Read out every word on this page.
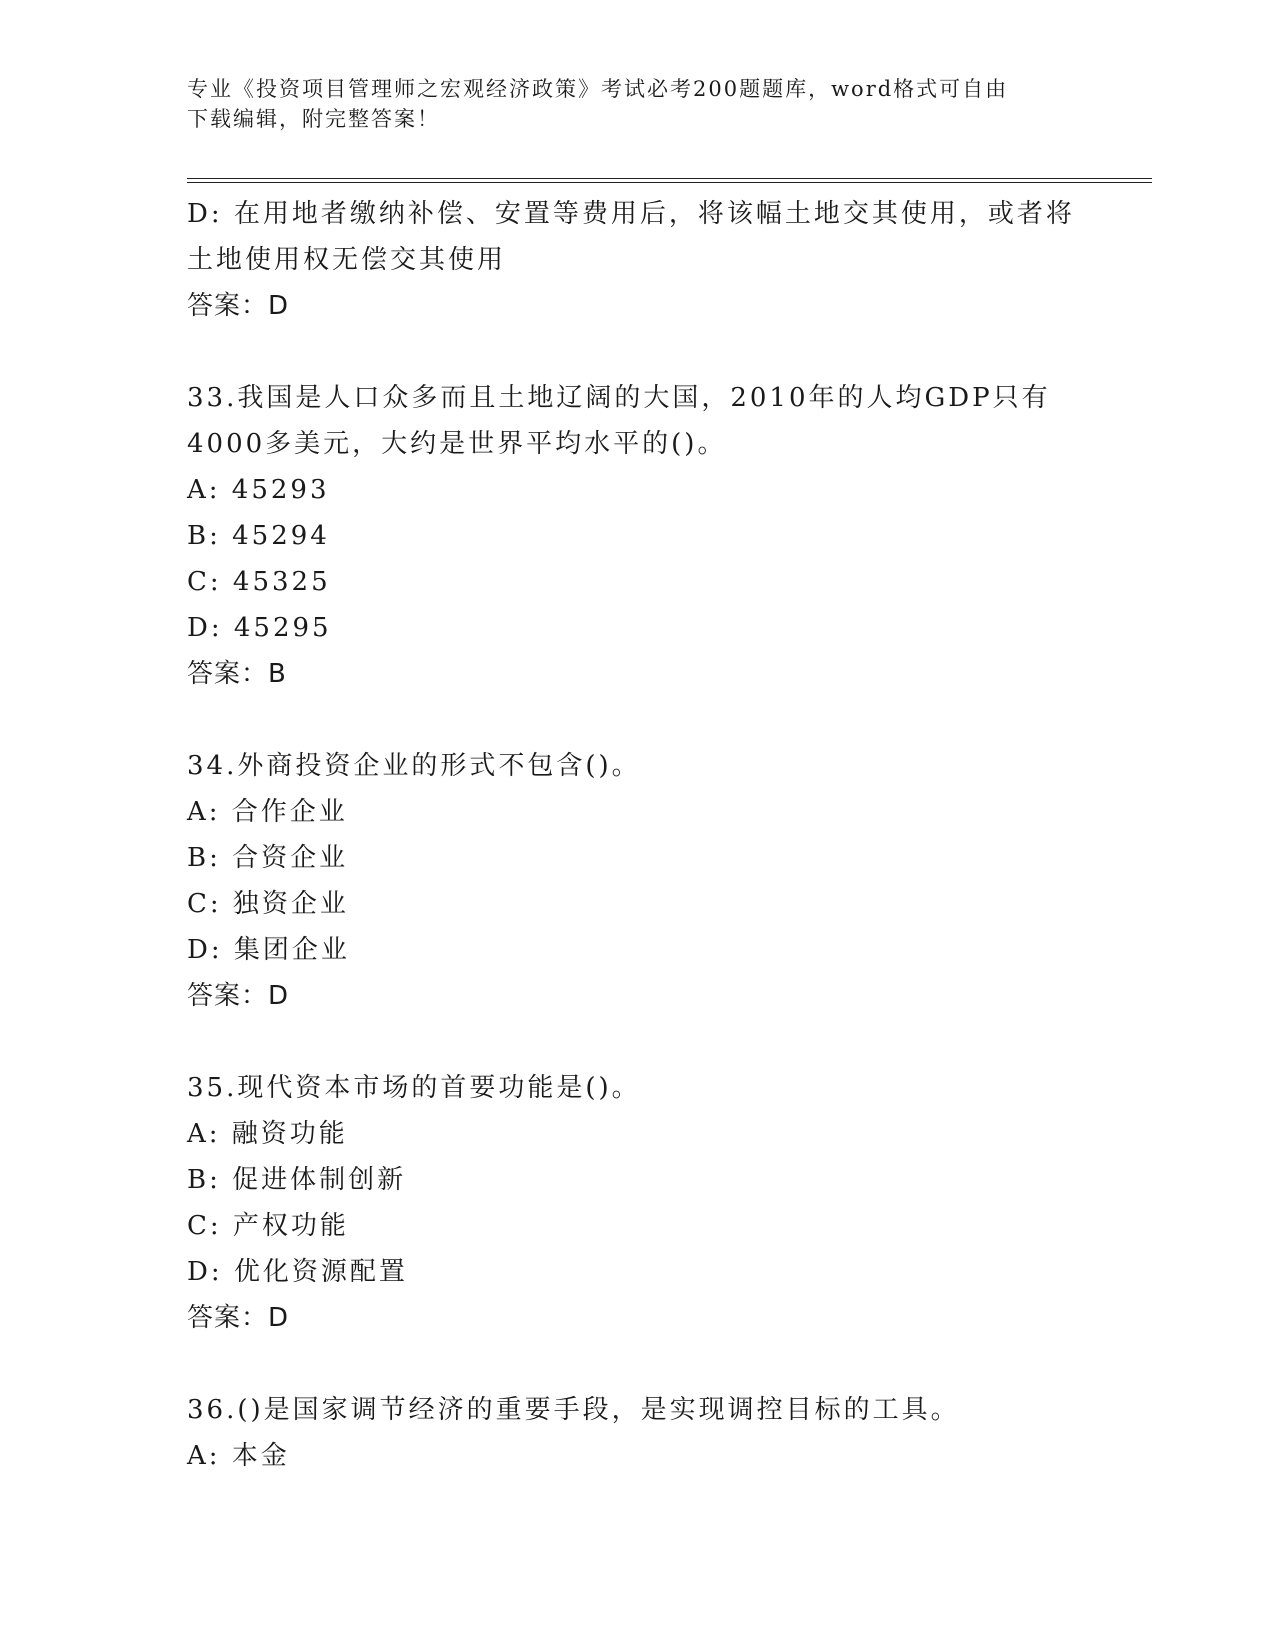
专业《投资项目管理师之宏观经济政策》考试必考200题题库，word格式可自由
下载编辑，附完整答案！
D: 在用地者缴纳补偿、安置等费用后，将该幅土地交其使用，或者将
土地使用权无偿交其使用
答案：D
33.我国是人口众多而且土地辽阔的大国，2010年的人均GDP只有
4000多美元，大约是世界平均水平的()。
A: 45293
B: 45294
C: 45325
D: 45295
答案：B
34.外商投资企业的形式不包含()。
A: 合作企业
B: 合资企业
C: 独资企业
D: 集团企业
答案：D
35.现代资本市场的首要功能是()。
A: 融资功能
B: 促进体制创新
C: 产权功能
D: 优化资源配置
答案：D
36.()是国家调节经济的重要手段，是实现调控目标的工具。
A: 本金
